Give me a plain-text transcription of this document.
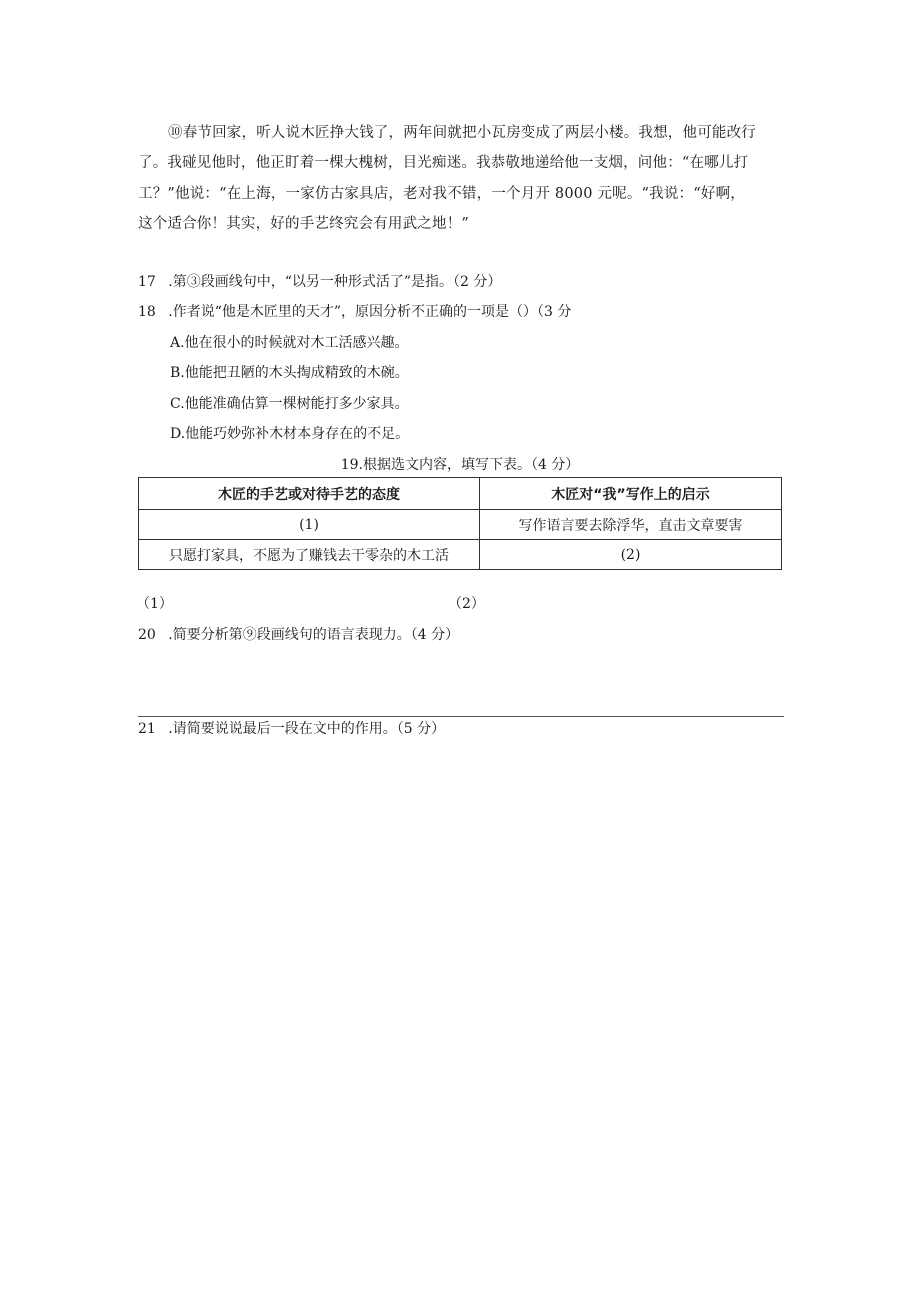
⑩春节回家，听人说木匠挣大钱了，两年间就把小瓦房变成了两层小楼。我想，他可能改行
了。我碰见他时，他正盯着一棵大槐树，目光痴迷。我恭敬地递给他一支烟，问他：“在哪儿打
工？”他说：“在上海，一家仿古家具店，老对我不错，一个月开 8000 元呢。“我说：“好啊，
这个适合你！其实，好的手艺终究会有用武之地！”
17 .第③段画线句中，“以另一种形式活了”是指。（2 分）
18 .作者说“他是木匠里的天才”，原因分析不正确的一项是（）（3 分
A.他在很小的时候就对木工活感兴趣。
B.他能把丑陋的木头掏成精致的木碗。
C.他能准确估算一棵树能打多少家具。
D.他能巧妙弥补木材本身存在的不足。
19.根据选文内容，填写下表。（4 分）
木匠的手艺或对待手艺的态度	木匠对“我”写作上的启示
(1)	写作语言要去除浮华，直击文章要害
只愿打家具，不愿为了赚钱去干零杂的木工活	(2)
（1）	（2）
20 .简要分析第⑨段画线句的语言表现力。（4 分）
21 .请简要说说最后一段在文中的作用。（5 分）
